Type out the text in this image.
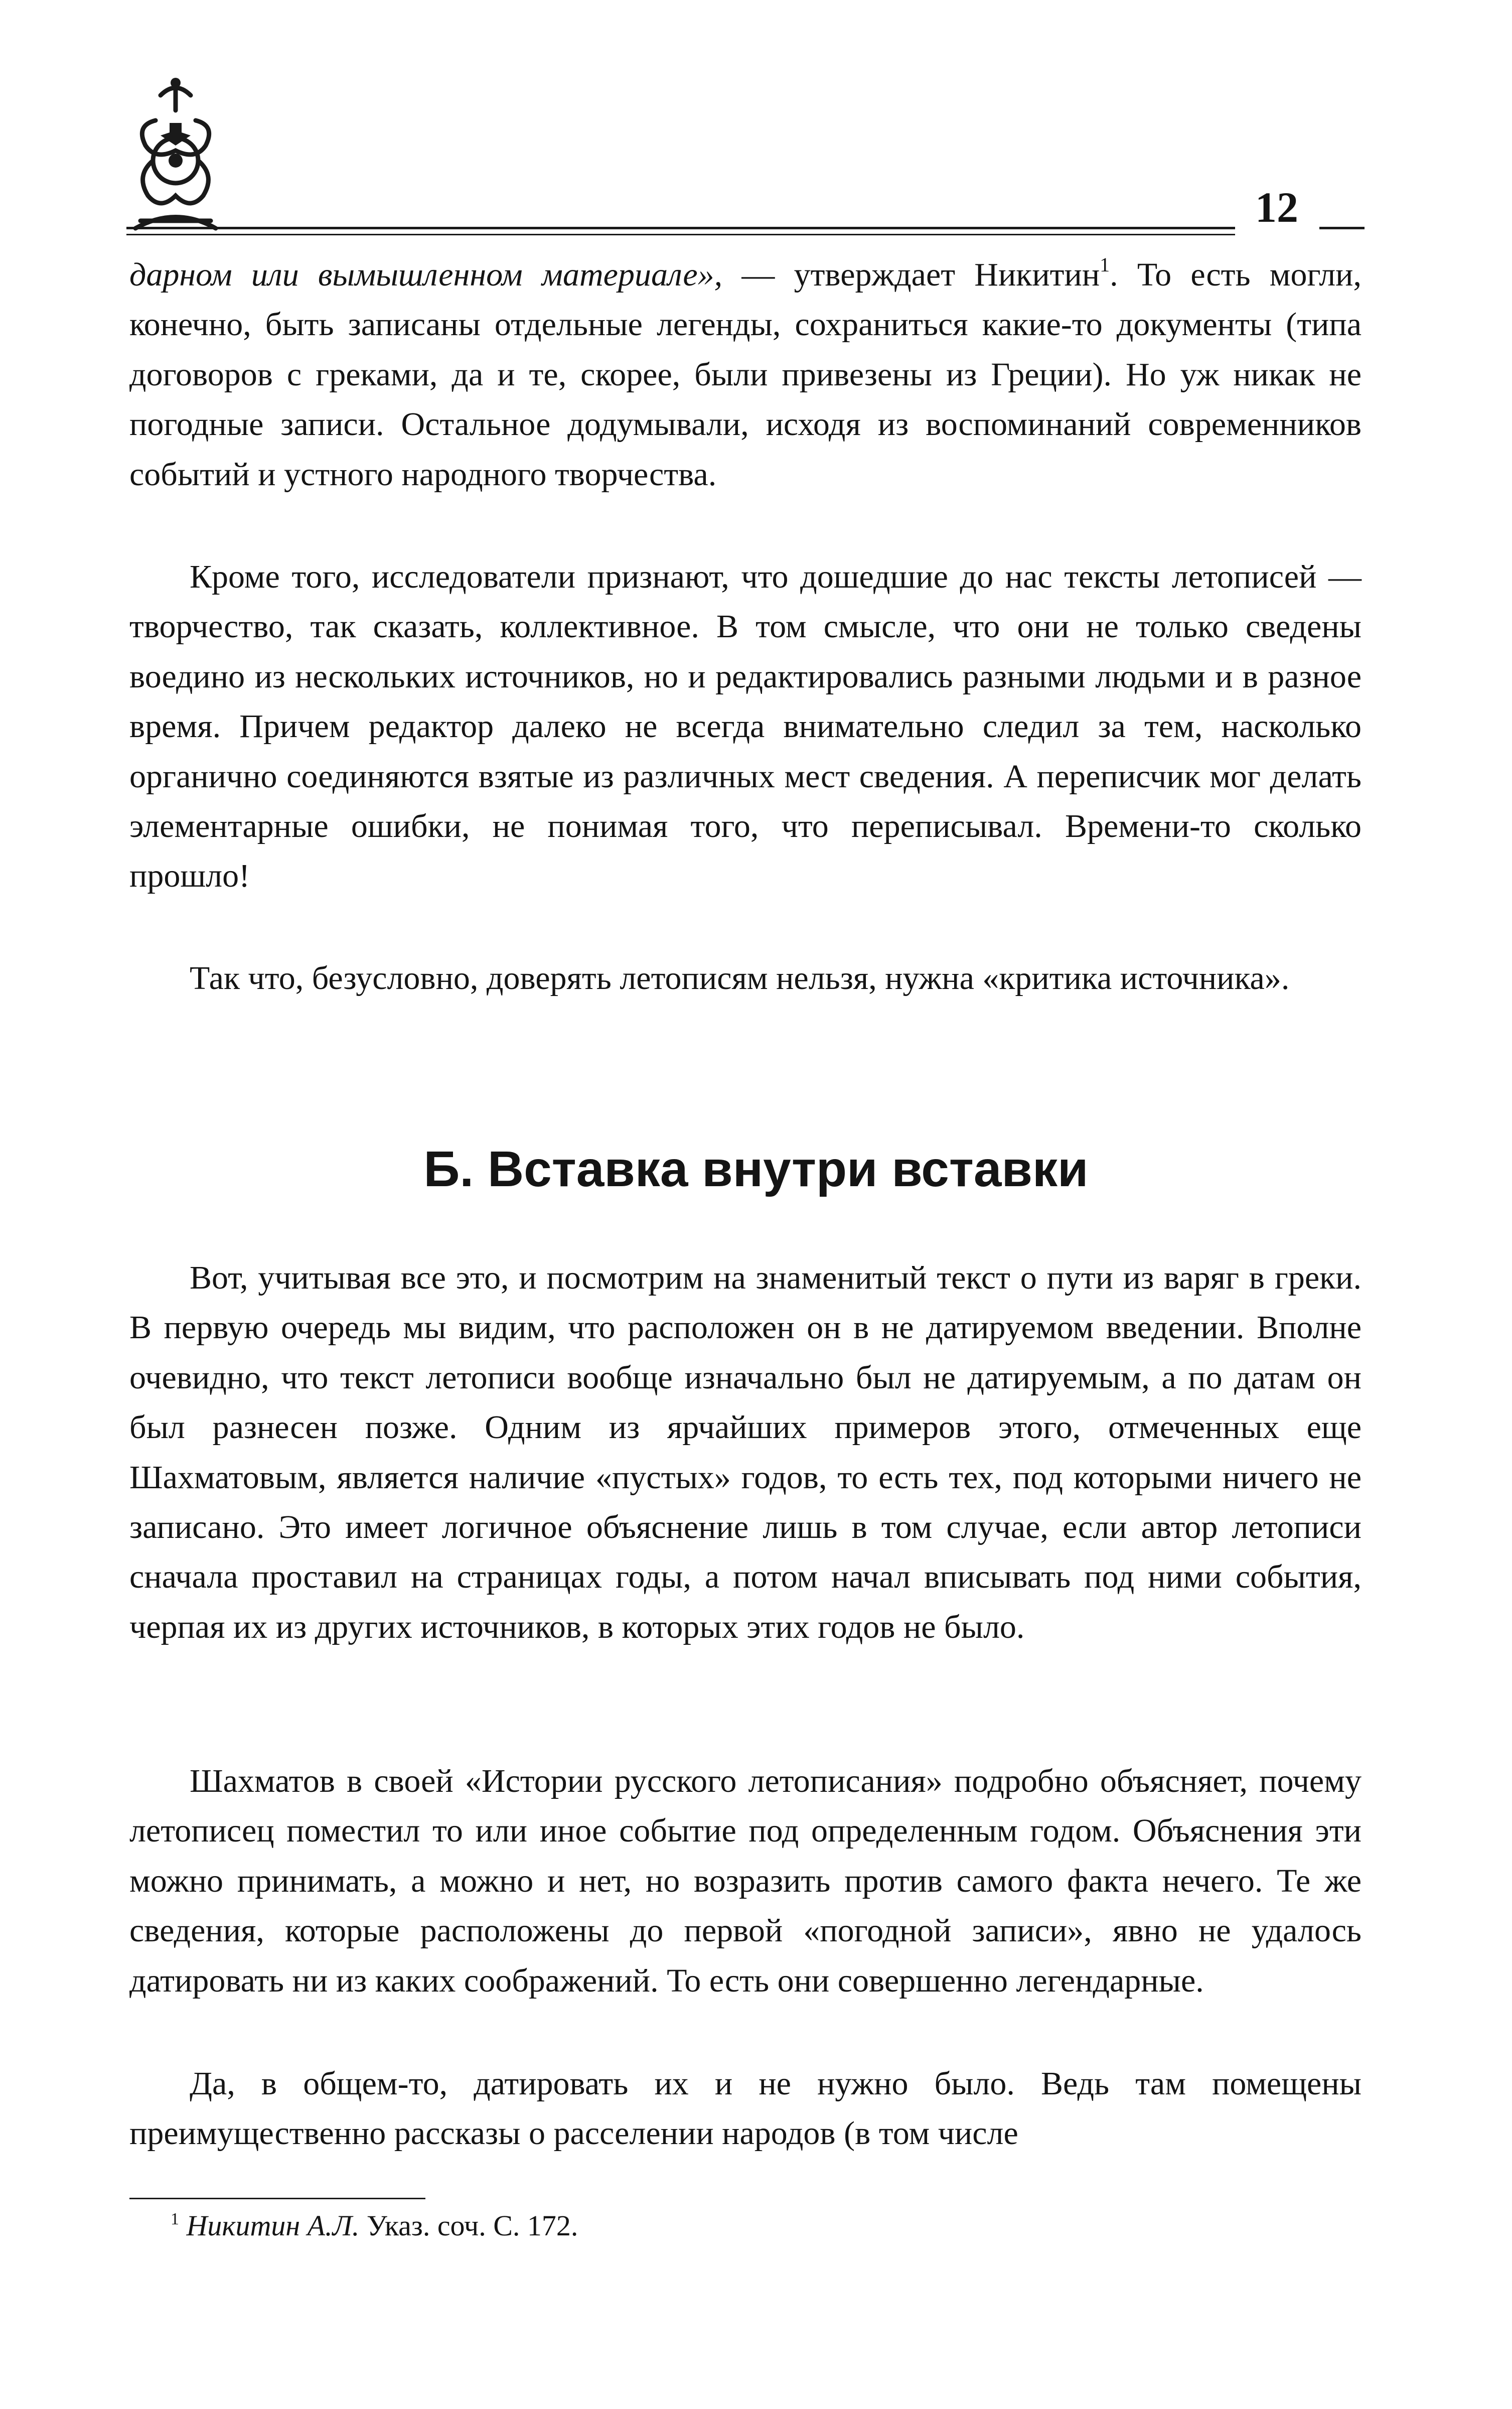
12

дарном или вымышленном материале», — утверждает Никитин$^1$. То есть могли, конечно, быть записаны отдельные легенды, сохраниться какие-то документы (типа договоров с греками, да и те, скорее, были привезены из Греции). Но уж никак не погодные записи. Остальное додумывали, исходя из воспоминаний современников событий и устного народного творчества.

Кроме того, исследователи признают, что дошедшие до нас тексты летописей — творчество, так сказать, коллективное. В том смысле, что они не только сведены воедино из нескольких источников, но и редактировались разными людьми и в разное время. Причем редактор далеко не всегда внимательно следил за тем, насколько органично соединяются взятые из различных мест сведения. А переписчик мог делать элементарные ошибки, не понимая того, что переписывал. Времени-то сколько прошло!

Так что, безусловно, доверять летописям нельзя, нужна «критика источника».

Б. Вставка внутри вставки

Вот, учитывая все это, и посмотрим на знаменитый текст о пути из варяг в греки. В первую очередь мы видим, что расположен он в не датируемом введении. Вполне очевидно, что текст летописи вообще изначально был не датируемым, а по датам он был разнесен позже. Одним из ярчайших примеров этого, отмеченных еще Шахматовым, является наличие «пустых» годов, то есть тех, под которыми ничего не записано. Это имеет логичное объяснение лишь в том случае, если автор летописи сначала проставил на страницах годы, а потом начал вписывать под ними события, черпая их из других источников, в которых этих годов не было.

Шахматов в своей «Истории русского летописания» подробно объясняет, почему летописец поместил то или иное событие под определенным годом. Объяснения эти можно принимать, а можно и нет, но возразить против самого факта нечего. Те же сведения, которые расположены до первой «погодной записи», явно не удалось датировать ни из каких соображений. То есть они совершенно легендарные.

Да, в общем-то, датировать их и не нужно было. Ведь там помещены преимущественно рассказы о расселении народов (в том числе

$^1$ Никитин А.Л. Указ. соч. С. 172.
